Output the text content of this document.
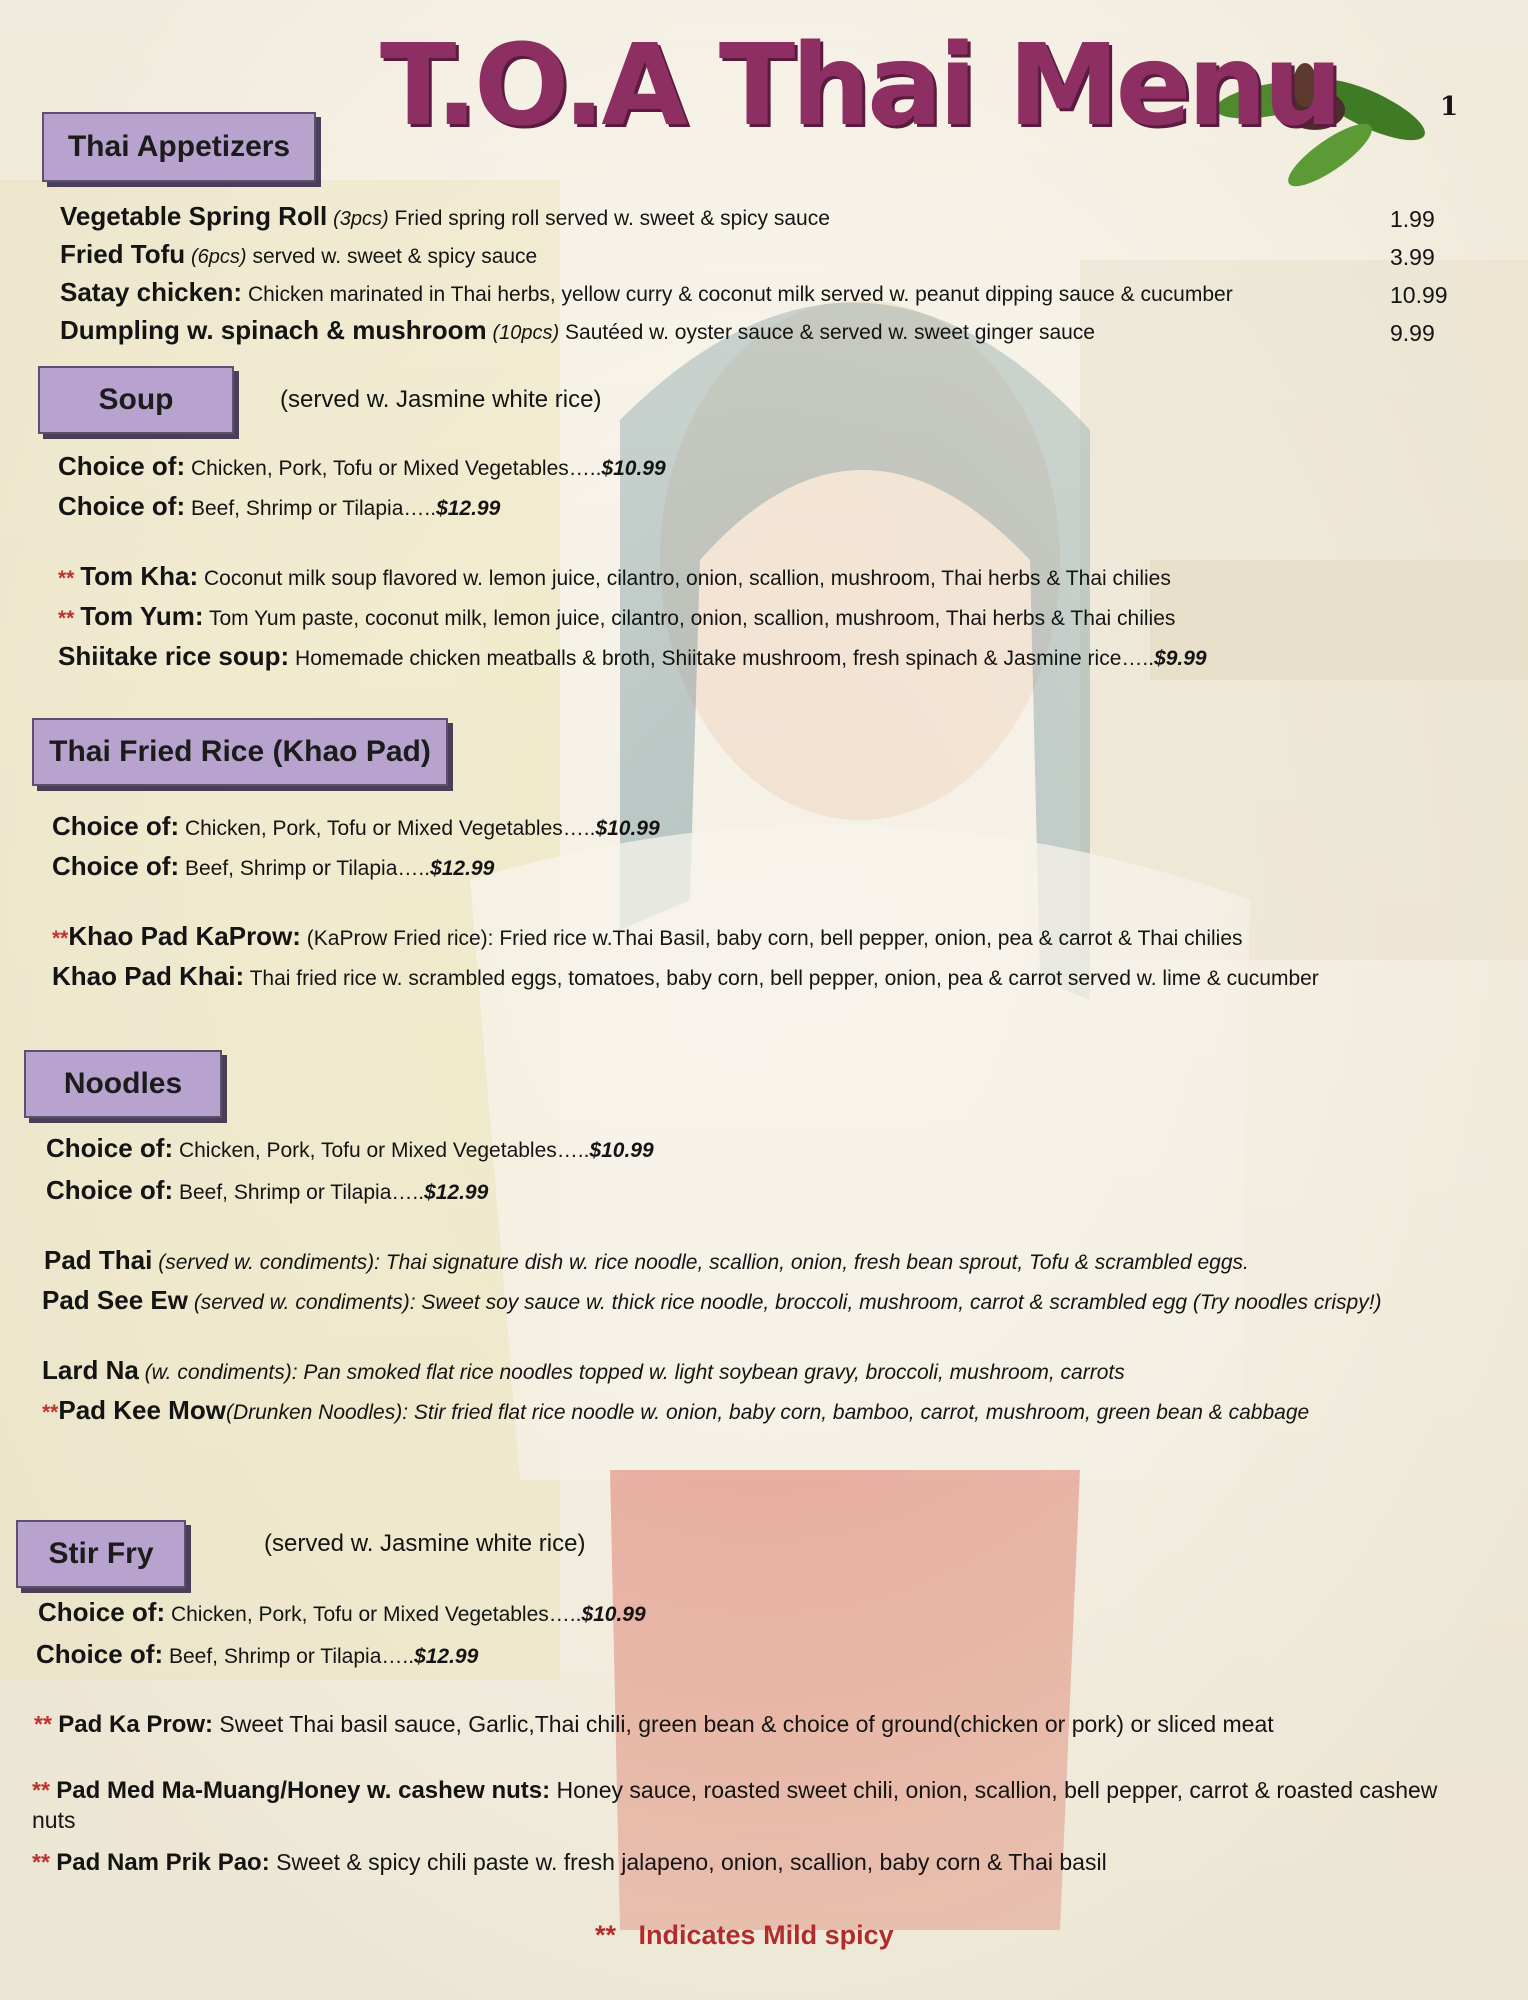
T.O.A Thai Menu	1
Thai Appetizers
Vegetable Spring Roll (3pcs) Fried spring roll served w. sweet & spicy sauce	1.99
Fried Tofu (6pcs) served w. sweet & spicy sauce	3.99
Satay chicken: Chicken marinated in Thai herbs, yellow curry & coconut milk served w. peanut dipping sauce & cucumber	10.99
Dumpling w. spinach & mushroom (10pcs) Sautéed w. oyster sauce & served w. sweet ginger sauce	9.99
Soup	(served w. Jasmine white rice)
Choice of: Chicken, Pork, Tofu or Mixed Vegetables…..$10.99
Choice of: Beef, Shrimp or Tilapia…..$12.99
** Tom Kha: Coconut milk soup flavored w. lemon juice, cilantro, onion, scallion, mushroom, Thai herbs & Thai chilies
** Tom Yum: Tom Yum paste, coconut milk, lemon juice, cilantro, onion, scallion, mushroom, Thai herbs & Thai chilies
Shiitake rice soup: Homemade chicken meatballs & broth, Shiitake mushroom, fresh spinach & Jasmine rice…..$9.99
Thai Fried Rice (Khao Pad)
Choice of: Chicken, Pork, Tofu or Mixed Vegetables…..$10.99
Choice of: Beef, Shrimp or Tilapia…..$12.99
**Khao Pad KaProw: (KaProw Fried rice): Fried rice w.Thai Basil, baby corn, bell pepper, onion, pea & carrot & Thai chilies
Khao Pad Khai: Thai fried rice w. scrambled eggs, tomatoes, baby corn, bell pepper, onion, pea & carrot served w. lime & cucumber
Noodles
Choice of: Chicken, Pork, Tofu or Mixed Vegetables…..$10.99
Choice of: Beef, Shrimp or Tilapia…..$12.99
Pad Thai (served w. condiments): Thai signature dish w. rice noodle, scallion, onion, fresh bean sprout, Tofu & scrambled eggs.
Pad See Ew (served w. condiments): Sweet soy sauce w. thick rice noodle, broccoli, mushroom, carrot & scrambled egg (Try noodles crispy!)
Lard Na (w. condiments): Pan smoked flat rice noodles topped w. light soybean gravy, broccoli, mushroom, carrots
**Pad Kee Mow(Drunken Noodles): Stir fried flat rice noodle w. onion, baby corn, bamboo, carrot, mushroom, green bean & cabbage
Stir Fry	(served w. Jasmine white rice)
Choice of: Chicken, Pork, Tofu or Mixed Vegetables…..$10.99
Choice of: Beef, Shrimp or Tilapia…..$12.99
** Pad Ka Prow: Sweet Thai basil sauce, Garlic,Thai chili, green bean & choice of ground(chicken or pork) or sliced meat
** Pad Med Ma-Muang/Honey w. cashew nuts: Honey sauce, roasted sweet chili, onion, scallion, bell pepper, carrot & roasted cashew nuts
** Pad Nam Prik Pao: Sweet & spicy chili paste w. fresh jalapeno, onion, scallion, baby corn & Thai basil
** Indicates Mild spicy
